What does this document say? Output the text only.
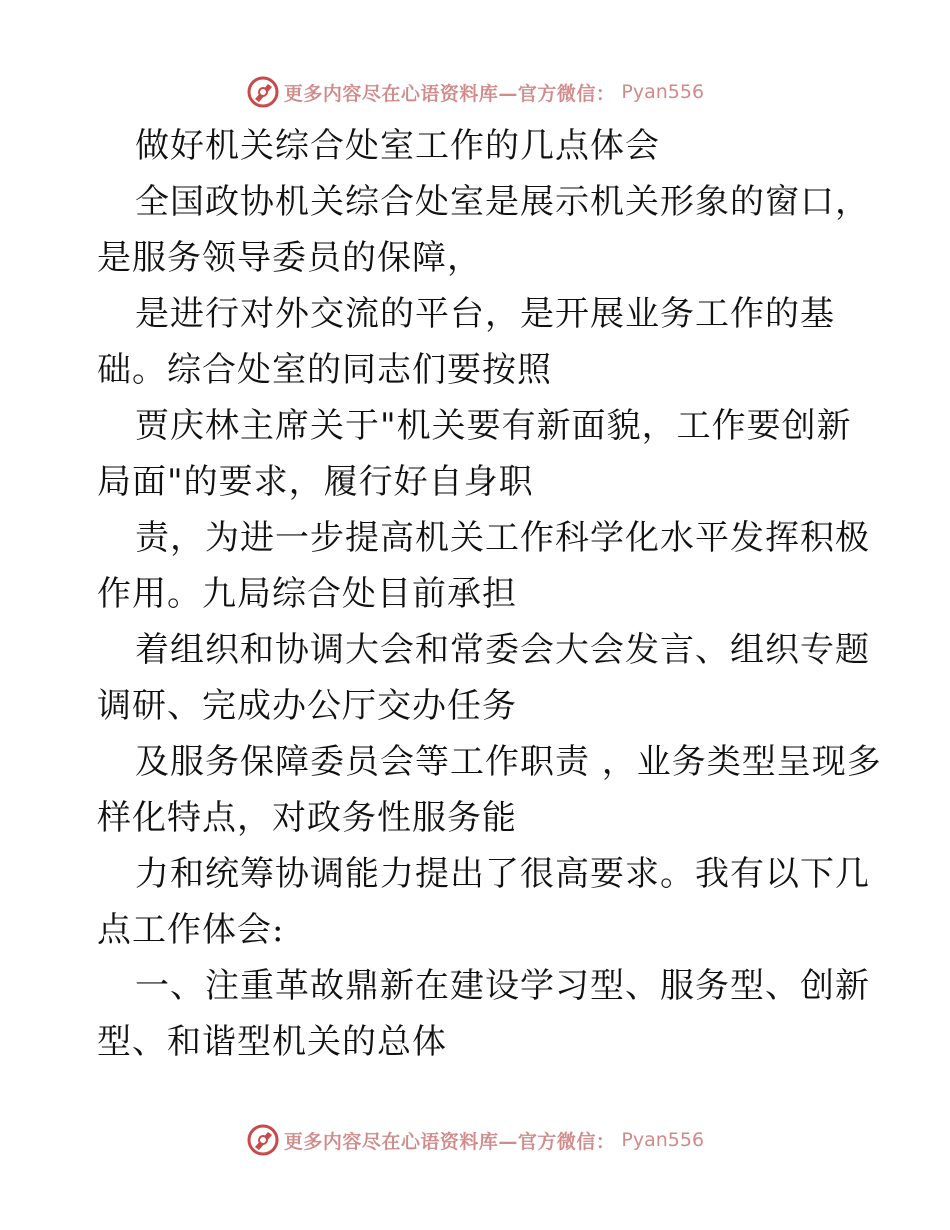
更多内容尽在心语资料库—官方微信： Pyan556
做好机关综合处室工作的几点体会
全国政协机关综合处室是展示机关形象的窗口，
是服务领导委员的保障，
是进行对外交流的平台，是开展业务工作的基
础。综合处室的同志们要按照
贾庆林主席关于"机关要有新面貌，工作要创新
局面"的要求，履行好自身职
责，为进一步提高机关工作科学化水平发挥积极
作用。九局综合处目前承担
着组织和协调大会和常委会大会发言、组织专题
调研、完成办公厅交办任务
及服务保障委员会等工作职责 ，业务类型呈现多
样化特点，对政务性服务能
力和统筹协调能力提出了很高要求。我有以下几
点工作体会:
一、注重革故鼎新在建设学习型、服务型、创新
型、和谐型机关的总体
更多内容尽在心语资料库—官方微信： Pyan556
